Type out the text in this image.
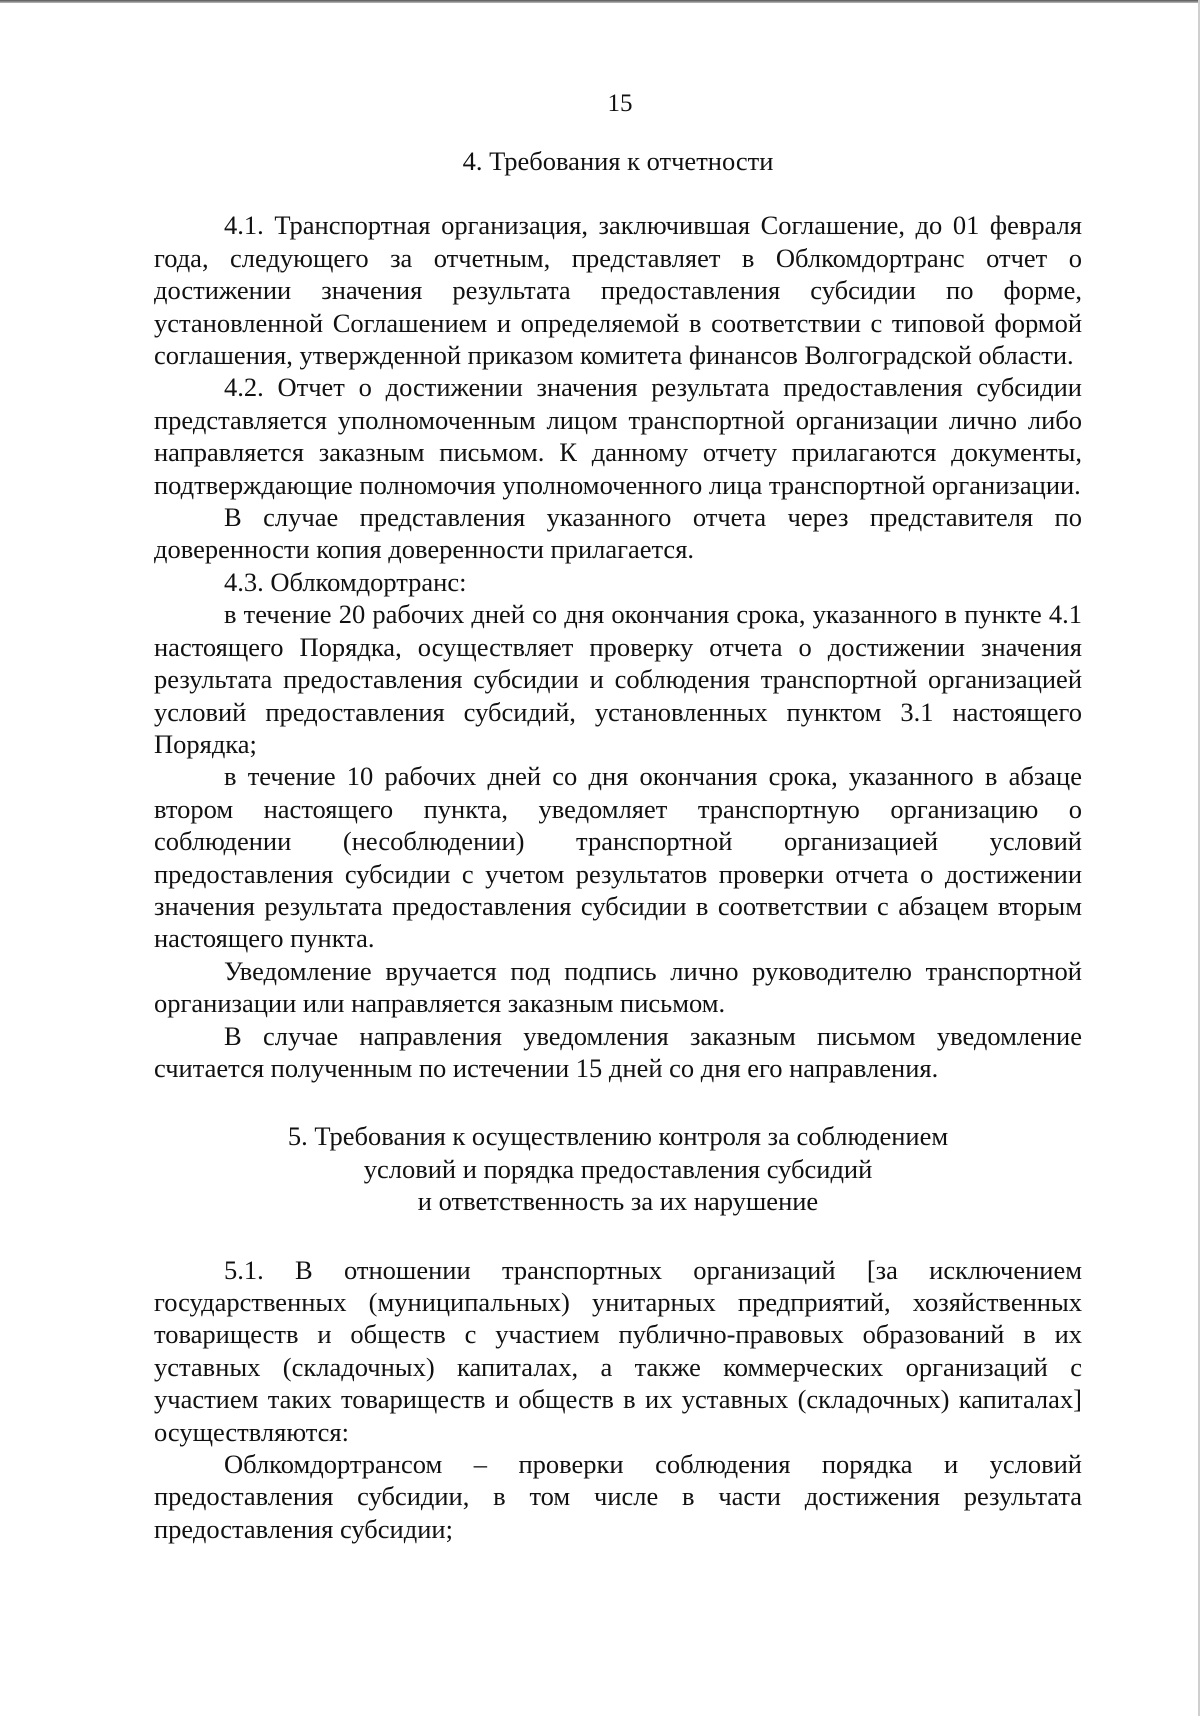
15
4. Требования к отчетности

4.1. Транспортная организация, заключившая Соглашение, до 01 февраля года, следующего за отчетным, представляет в Облкомдортранс отчет о достижении значения результата предоставления субсидии по форме, установленной Соглашением и определяемой в соответствии с типовой формой соглашения, утвержденной приказом комитета финансов Волгоградской области.

4.2. Отчет о достижении значения результата предоставления субсидии представляется уполномоченным лицом транспортной организации лично либо направляется заказным письмом. К данному отчету прилагаются документы, подтверждающие полномочия уполномоченного лица транспортной организации.

В случае представления указанного отчета через представителя по доверенности копия доверенности прилагается.

4.3. Облкомдортранс:

в течение 20 рабочих дней со дня окончания срока, указанного в пункте 4.1 настоящего Порядка, осуществляет проверку отчета о достижении значения результата предоставления субсидии и соблюдения транспортной организацией условий предоставления субсидий, установленных пунктом 3.1 настоящего Порядка;

в течение 10 рабочих дней со дня окончания срока, указанного в абзаце втором настоящего пункта, уведомляет транспортную организацию о соблюдении (несоблюдении) транспортной организацией условий предоставления субсидии с учетом результатов проверки отчета о достижении значения результата предоставления субсидии в соответствии с абзацем вторым настоящего пункта.

Уведомление вручается под подпись лично руководителю транспортной организации или направляется заказным письмом.

В случае направления уведомления заказным письмом уведомление считается полученным по истечении 15 дней со дня его направления.

5. Требования к осуществлению контроля за соблюдением
условий и порядка предоставления субсидий
и ответственность за их нарушение

5.1. В отношении транспортных организаций [за исключением государственных (муниципальных) унитарных предприятий, хозяйственных товариществ и обществ с участием публично-правовых образований в их уставных (складочных) капиталах, а также коммерческих организаций с участием таких товариществ и обществ в их уставных (складочных) капиталах] осуществляются:

Облкомдортрансом – проверки соблюдения порядка и условий предоставления субсидии, в том числе в части достижения результата предоставления субсидии;
